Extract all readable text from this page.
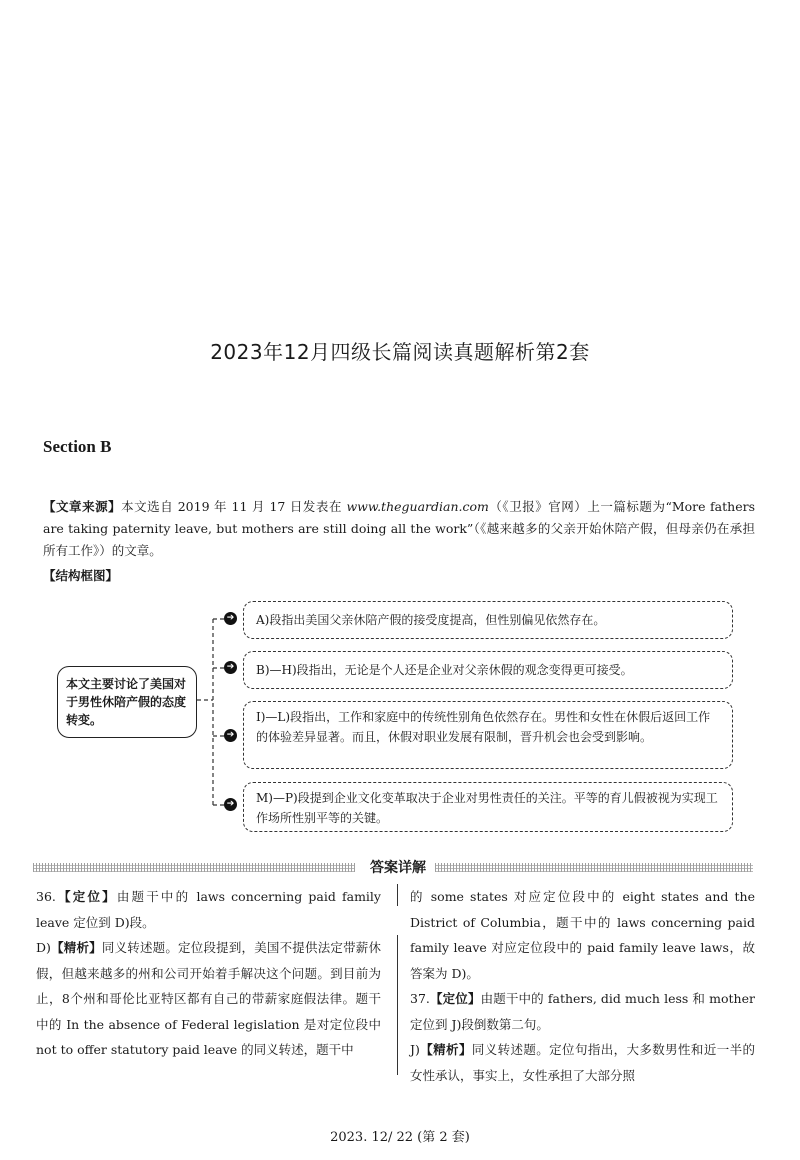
2023年12月四级长篇阅读真题解析第2套
Section B
【文章来源】本文选自 2019 年 11 月 17 日发表在 www.theguardian.com（《卫报》官网）上一篇标题为“More fathers are taking paternity leave, but mothers are still doing all the work”（《越来越多的父亲开始休陪产假，但母亲仍在承担所有工作》）的文章。
【结构框图】
➔
➔
➔
➔
本文主要讨论了美国对于男性休陪产假的态度转变。
A)段指出美国父亲休陪产假的接受度提高，但性别偏见依然存在。
B)—H)段指出，无论是个人还是企业对父亲休假的观念变得更可接受。
I)—L)段指出，工作和家庭中的传统性别角色依然存在。男性和女性在休假后返回工作的体验差异显著。而且，休假对职业发展有限制，晋升机会也会受到影响。
M)—P)段提到企业文化变革取决于企业对男性责任的关注。平等的育儿假被视为实现工作场所性别平等的关键。
答案详解

36.【定位】由题干中的 laws concerning paid family leave 定位到 D)段。

D)【精析】同义转述题。定位段提到，美国不提供法定带薪休假，但越来越多的州和公司开始着手解决这个问题。到目前为止，8个州和哥伦比亚特区都有自己的带薪家庭假法律。题干中的 In the absence of Federal legislation 是对定位段中 not to offer statutory paid leave 的同义转述，题干中

的 some states 对应定位段中的 eight states and the District of Columbia，题干中的 laws concerning paid family leave 对应定位段中的 paid family leave laws，故答案为 D)。

37.【定位】由题干中的 fathers, did much less 和 mother 定位到 J)段倒数第二句。

J)【精析】同义转述题。定位句指出，大多数男性和近一半的女性承认，事实上，女性承担了大部分照

2023. 12/ 22 (第 2 套)
